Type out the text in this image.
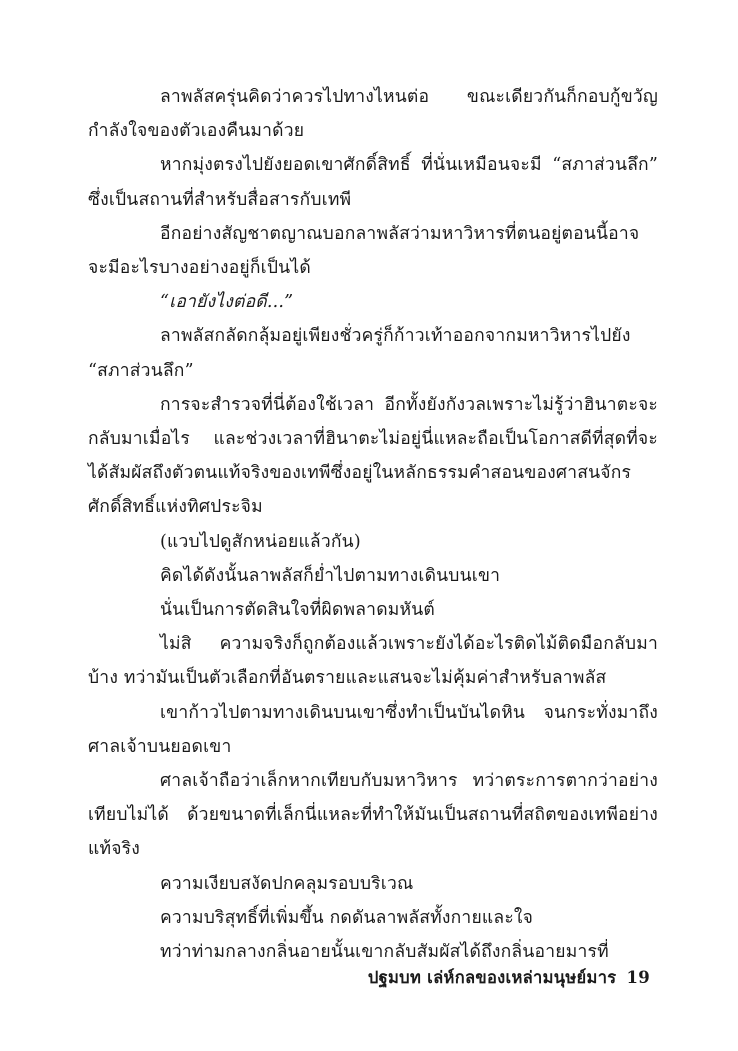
ลาพลัสครุ่นคิดว่าควรไปทางไหนต่อ ขณะเดียวกันก็กอบกู้ขวัญกำลังใจของตัวเองคืนมาด้วย

หากมุ่งตรงไปยังยอดเขาศักดิ์สิทธิ์ ที่นั่นเหมือนจะมี “สภาส่วนลึก” ซึ่งเป็นสถานที่สำหรับสื่อสารกับเทพี

อีกอย่างสัญชาตญาณบอกลาพลัสว่ามหาวิหารที่ตนอยู่ตอนนี้อาจจะมีอะไรบางอย่างอยู่ก็เป็นได้

“เอายังไงต่อดี...”

ลาพลัสกลัดกลุ้มอยู่เพียงชั่วครู่ก็ก้าวเท้าออกจากมหาวิหารไปยัง “สภาส่วนลึก”

การจะสำรวจที่นี่ต้องใช้เวลา อีกทั้งยังกังวลเพราะไม่รู้ว่าฮินาตะจะกลับมาเมื่อไร และช่วงเวลาที่ฮินาตะไม่อยู่นี่แหละถือเป็นโอกาสดีที่สุดที่จะได้สัมผัสถึงตัวตนแท้จริงของเทพีซึ่งอยู่ในหลักธรรมคำสอนของศาสนจักรศักดิ์สิทธิ์แห่งทิศประจิม

(แวบไปดูสักหน่อยแล้วกัน)

คิดได้ดังนั้นลาพลัสก็ย่ำไปตามทางเดินบนเขา

นั่นเป็นการตัดสินใจที่ผิดพลาดมหันต์

ไม่สิ ความจริงก็ถูกต้องแล้วเพราะยังได้อะไรติดไม้ติดมือกลับมาบ้าง ทว่ามันเป็นตัวเลือกที่อันตรายและแสนจะไม่คุ้มค่าสำหรับลาพลัส

เขาก้าวไปตามทางเดินบนเขาซึ่งทำเป็นบันไดหิน จนกระทั่งมาถึงศาลเจ้าบนยอดเขา

ศาลเจ้าถือว่าเล็กหากเทียบกับมหาวิหาร ทว่าตระการตากว่าอย่างเทียบไม่ได้ ด้วยขนาดที่เล็กนี่แหละที่ทำให้มันเป็นสถานที่สถิตของเทพีอย่างแท้จริง

ความเงียบสงัดปกคลุมรอบบริเวณ

ความบริสุทธิ์ที่เพิ่มขึ้น กดดันลาพลัสทั้งกายและใจ

ทว่าท่ามกลางกลิ่นอายนั้นเขากลับสัมผัสได้ถึงกลิ่นอายมารที่

ปฐมบท เล่ห์กลของเหล่ามนุษย์มาร 19
